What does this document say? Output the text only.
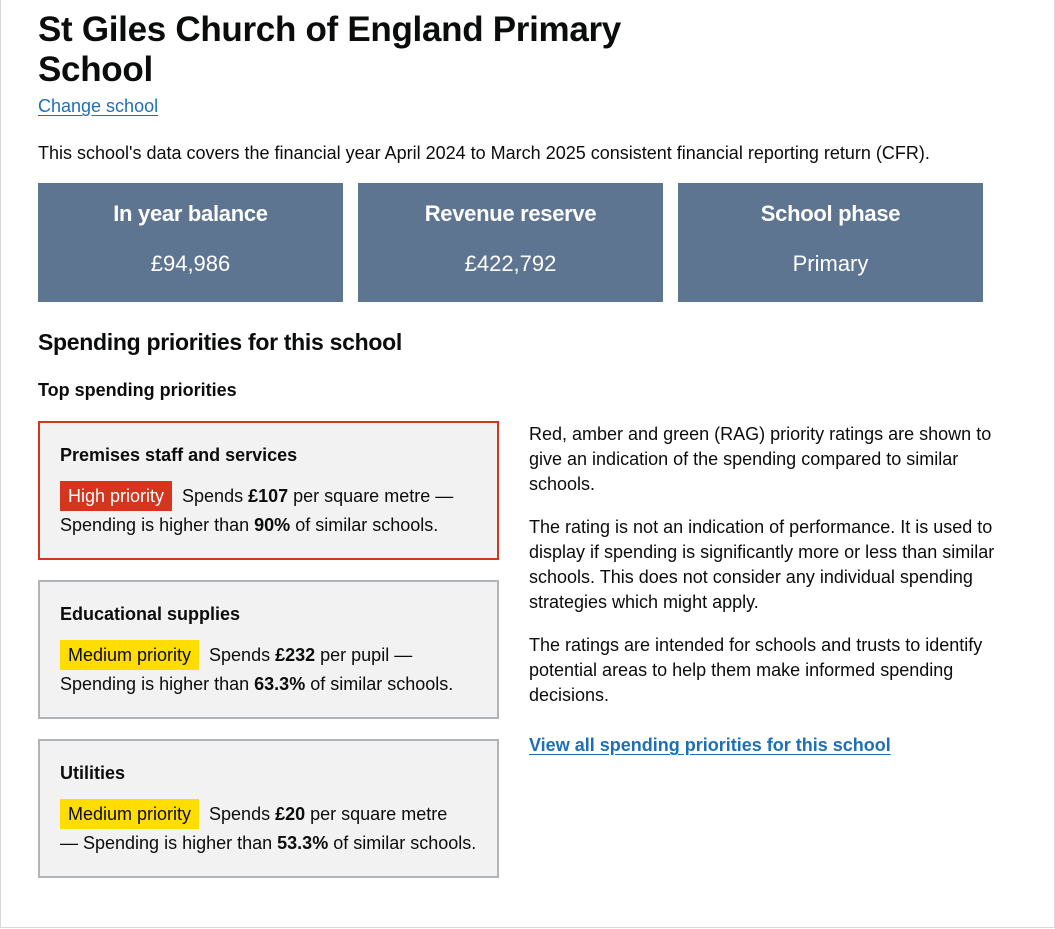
St Giles Church of England Primary School
Change school

This school's data covers the financial year April 2024 to March 2025 consistent financial reporting return (CFR).

In year balance
£94,986
Revenue reserve
£422,792
School phase
Primary
Spending priorities for this school
Top spending priorities

Premises staff and services

High priority Spends £107 per square metre —
Spending is higher than 90% of similar schools.

Educational supplies

Medium priority Spends £232 per pupil —
Spending is higher than 63.3% of similar schools.

Utilities

Medium priority Spends £20 per square metre
— Spending is higher than 53.3% of similar schools.

Red, amber and green (RAG) priority ratings are shown to give an indication of the spending compared to similar schools.

The rating is not an indication of performance. It is used to display if spending is significantly more or less than similar schools. This does not consider any individual spending strategies which might apply.

The ratings are intended for schools and trusts to identify potential areas to help them make informed spending decisions.

View all spending priorities for this school
